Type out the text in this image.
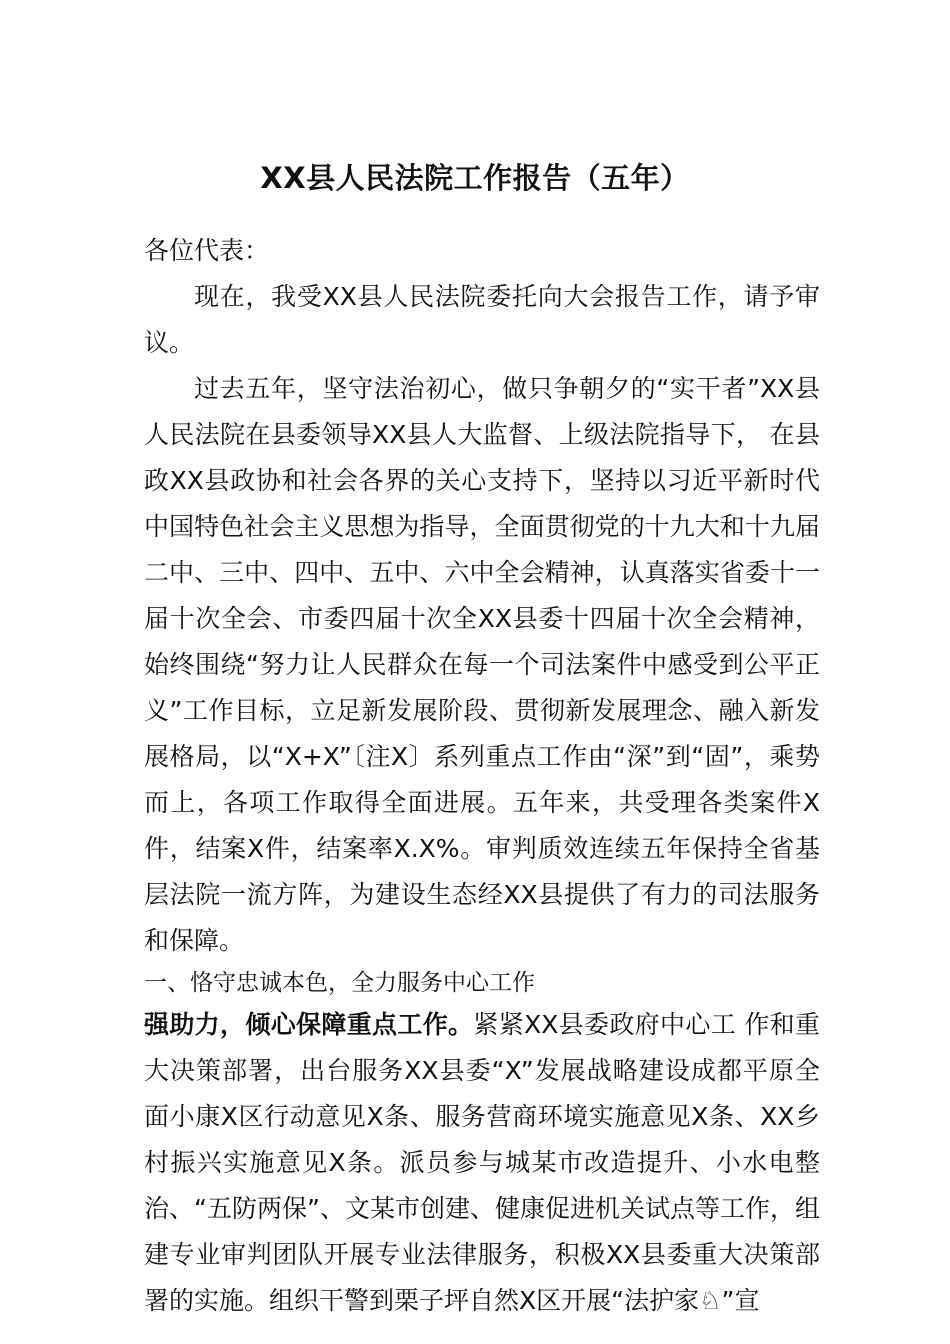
XX县人民法院工作报告（五年）

各位代表：

现在，我受XX县人民法院委托向大会报告工作，请予审议。

过去五年，坚守法治初心，做只争朝夕的“实干者”XX县人民法院在县委领导XX县人大监督、上级法院指导下， 在县政XX县政协和社会各界的关心支持下，坚持以习近平新时代中国特色社会主义思想为指导，全面贯彻党的十九大和十九届二中、三中、四中、五中、六中全会精神，认真落实省委十一届十次全会、市委四届十次全XX县委十四届十次全会精神，始终围绕“努力让人民群众在每一个司法案件中感受到公平正义”工作目标，立足新发展阶段、贯彻新发展理念、融入新发展格局，以“X+X”〔注X〕系列重点工作由“深”到“固”，乘势而上，各项工作取得全面进展。五年来，共受理各类案件X件，结案X件，结案率X.X%。审判质效连续五年保持全省基层法院一流方阵，为建设生态经XX县提供了有力的司法服务和保障。

一、恪守忠诚本色，全力服务中心工作

强助力，倾心保障重点工作。紧紧XX县委政府中心工 作和重大决策部署，出台服务XX县委“X”发展战略建设成都平原全面小康X区行动意见X条、服务营商环境实施意见X条、XX乡村振兴实施意见X条。派员参与城某市改造提升、小水电整治、“五防两保”、文某市创建、健康促进机关试点等工作，组建专业审判团队开展专业法律服务，积极XX县委重大决策部署的实施。组织干警到栗子坪自然X区开展“法护家♘”宣
